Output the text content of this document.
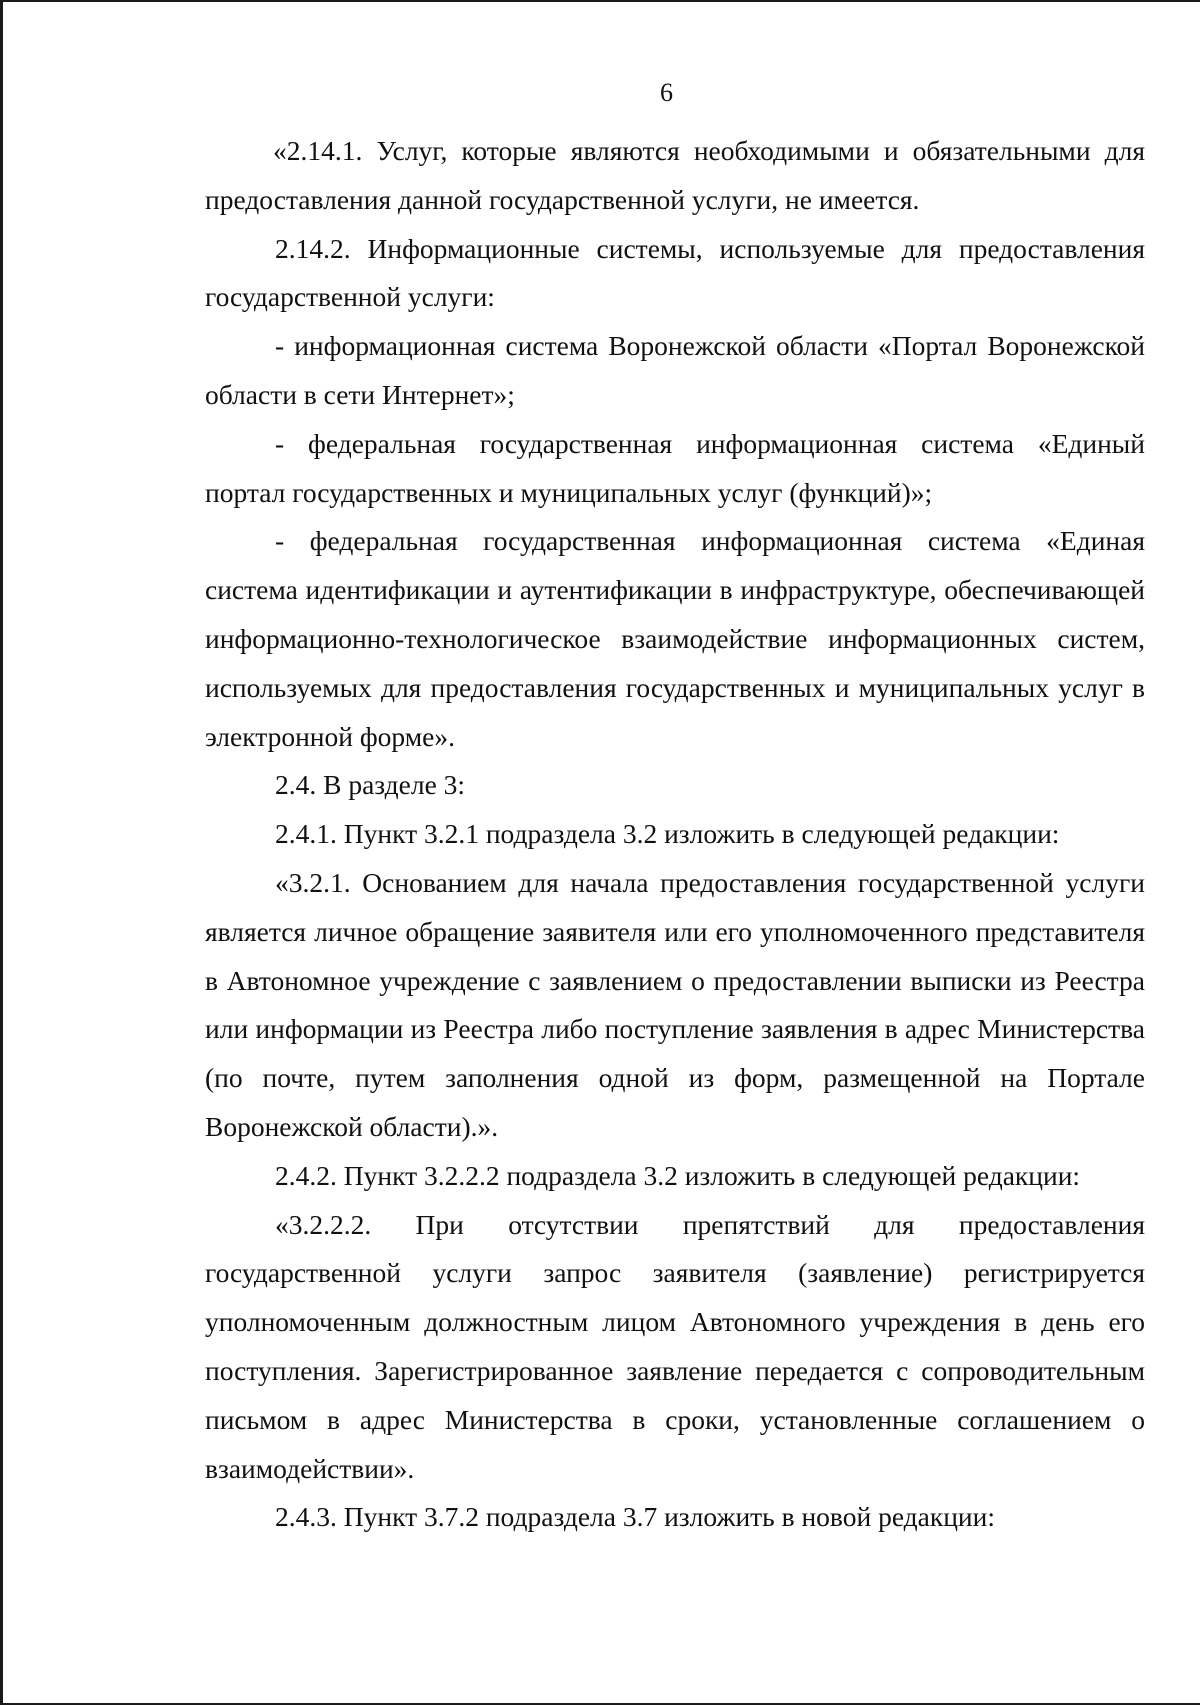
6

«2.14.1. Услуг, которые являются необходимыми и обязательными для предоставления данной государственной услуги, не имеется.

2.14.2. Информационные системы, используемые для предоставления государственной услуги:

- информационная система Воронежской области «Портал Воронежской области в сети Интернет»;

- федеральная государственная информационная система «Единый портал государственных и муниципальных услуг (функций)»;

- федеральная государственная информационная система «Единая система идентификации и аутентификации в инфраструктуре, обеспечивающей информационно-технологическое взаимодействие информационных систем, используемых для предоставления государственных и муниципальных услуг в электронной форме».

2.4. В разделе 3:

2.4.1. Пункт 3.2.1 подраздела 3.2 изложить в следующей редакции:

«3.2.1. Основанием для начала предоставления государственной услуги является личное обращение заявителя или его уполномоченного представителя в Автономное учреждение с заявлением о предоставлении выписки из Реестра или информации из Реестра либо поступление заявления в адрес Министерства (по почте, путем заполнения одной из форм, размещенной на Портале Воронежской области).».

2.4.2. Пункт 3.2.2.2 подраздела 3.2 изложить в следующей редакции:

«3.2.2.2. При отсутствии препятствий для предоставления государственной услуги запрос заявителя (заявление) регистрируется уполномоченным должностным лицом Автономного учреждения в день его поступления. Зарегистрированное заявление передается с сопроводительным письмом в адрес Министерства в сроки, установленные соглашением о взаимодействии».

2.4.3. Пункт 3.7.2 подраздела 3.7 изложить в новой редакции:
